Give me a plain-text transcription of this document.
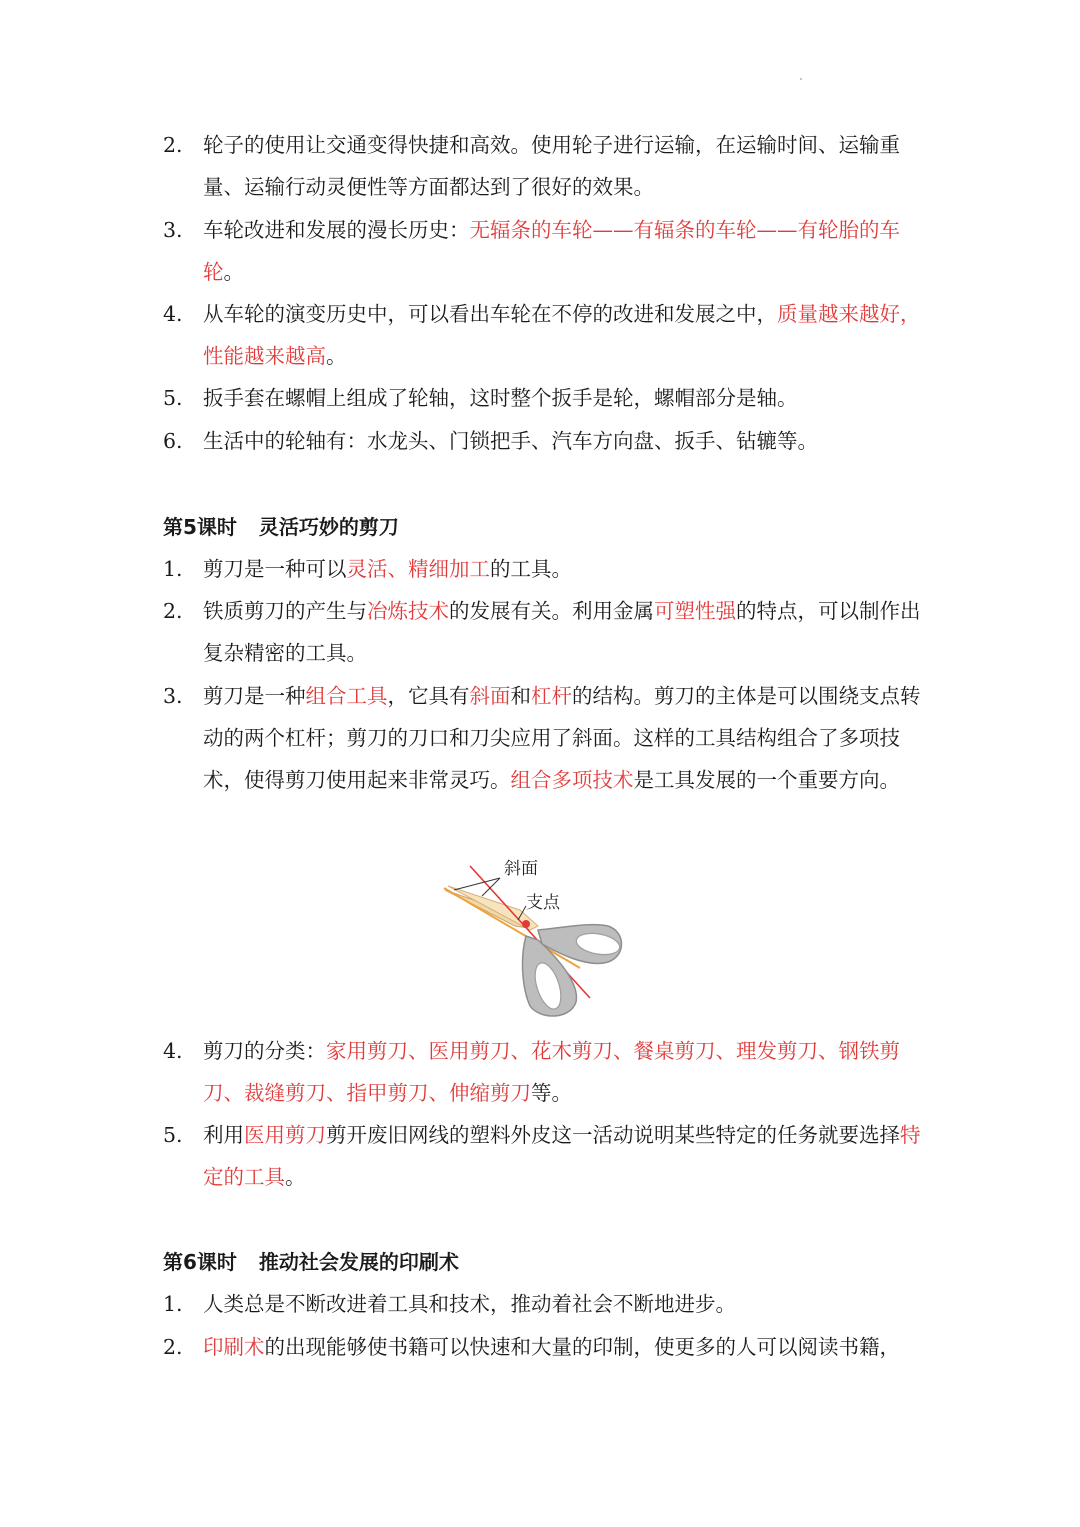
2. 轮子的使用让交通变得快捷和高效。使用轮子进行运输，在运输时间、运输重量、运输行动灵便性等方面都达到了很好的效果。
3. 车轮改进和发展的漫长历史：无辐条的车轮——有辐条的车轮——有轮胎的车轮。
4. 从车轮的演变历史中，可以看出车轮在不停的改进和发展之中，质量越来越好，性能越来越高。
5. 扳手套在螺帽上组成了轮轴，这时整个扳手是轮，螺帽部分是轴。
6. 生活中的轮轴有：水龙头、门锁把手、汽车方向盘、扳手、钻辘等。
第5课时 灵活巧妙的剪刀
1. 剪刀是一种可以灵活、精细加工的工具。
2. 铁质剪刀的产生与冶炼技术的发展有关。利用金属可塑性强的特点，可以制作出复杂精密的工具。
3. 剪刀是一种组合工具，它具有斜面和杠杆的结构。剪刀的主体是可以围绕支点转动的两个杠杆；剪刀的刀口和刀尖应用了斜面。这样的工具结构组合了多项技术，使得剪刀使用起来非常灵巧。组合多项技术是工具发展的一个重要方向。
斜面
支点
4. 剪刀的分类：家用剪刀、医用剪刀、花木剪刀、餐桌剪刀、理发剪刀、钢铁剪刀、裁缝剪刀、指甲剪刀、伸缩剪刀等。
5. 利用医用剪刀剪开废旧网线的塑料外皮这一活动说明某些特定的任务就要选择特定的工具。
第6课时 推动社会发展的印刷术
1. 人类总是不断改进着工具和技术，推动着社会不断地进步。
2. 印刷术的出现能够使书籍可以快速和大量的印制，使更多的人可以阅读书籍，
